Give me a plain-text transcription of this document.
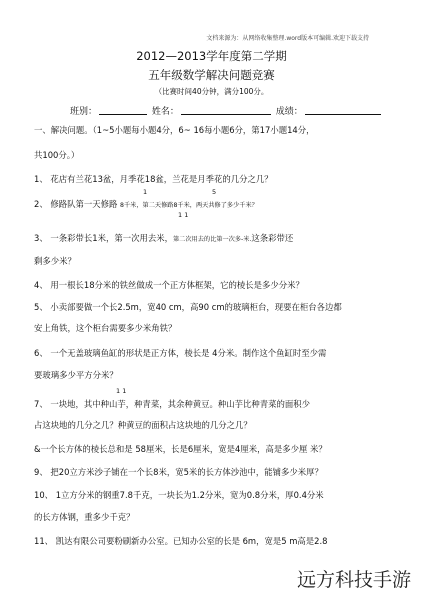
文档来源为：从网络收集整理.word版本可编辑.欢迎下载支持
2012—2013学年度第二学期
五年级数学解决问题竞赛
（比赛时间40分钟，满分100分。
班别：	姓名：	成绩：
一、解决问题。（1~5小题每小题4分，6~ 16每小题6分，第17小题14分，
共100分。）
1、 花店有兰花13盆，月季花18盆，兰花是月季花的几分之几？
1	5
2、 修路队第一天修路 8千米，第二天修路8千米，两天共修了多少千米？
1 1
3、 一条彩带长1米，第一次用去米，第二次用去的比第一次多-米.这条彩带还
剩多少米？
4、 用一根长18分米的铁丝做成一个正方体框架，它的棱长是多少分米？
5、 小卖部要做一个长2.5m，宽40 cm，高90 cm的玻璃柜台，现要在柜台各边都
安上角铁，这个柜台需要多少米角铁？
6、 一个无盖玻璃鱼缸的形状是正方体，棱长是 4分米。制作这个鱼缸时至少需
要玻璃多少平方分米？
1 1
7、 一块地，其中种山芋，种青菜，其余种黄豆。种山芋比种青菜的面积少
占这块地的几分之几？种黄豆的面积占这块地的几分之几？
&一个长方体的棱长总和是 58厘米，长是6厘米，宽是4厘米，高是多少厘 米？
9、 把20立方米沙子铺在一个长8米，宽5米的长方体沙池中，能铺多少米厚？
10、 1立方分米的钢重7.8千克，一块长为1.2分米，宽为0.8分米，厚0.4分米
的长方体钢，重多少千克？
11、 凯达有限公司要粉刷新办公室。已知办公室的长是 6m，宽是5 m高是2.8
远方科技手游
